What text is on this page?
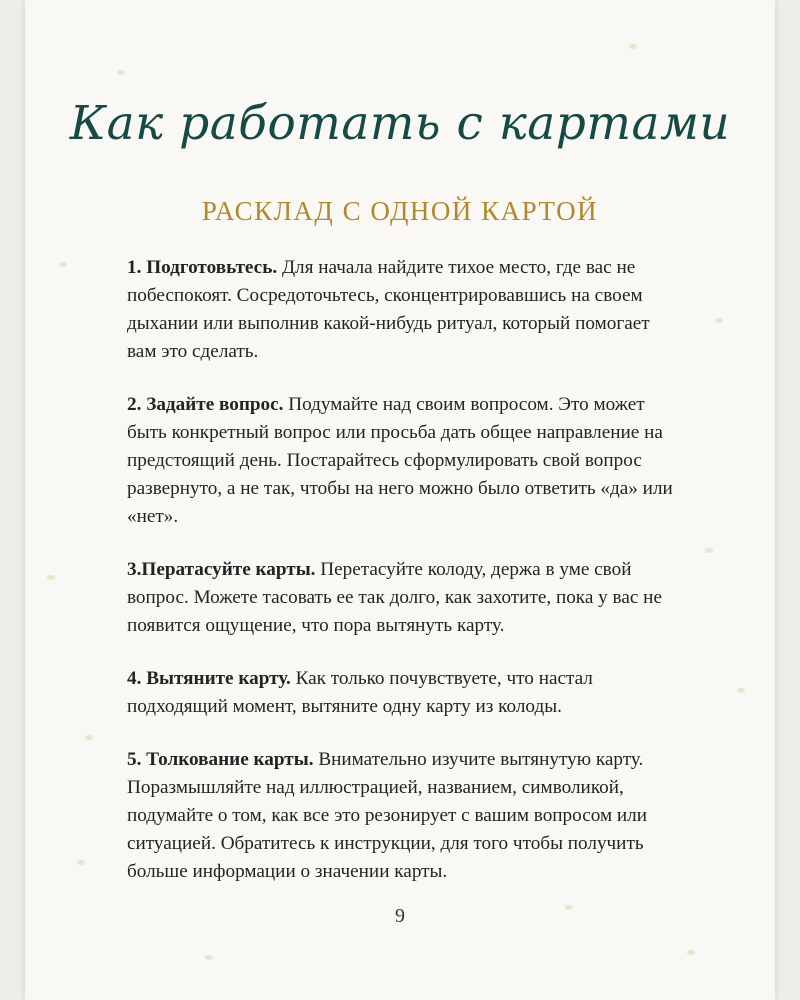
Как работать с картами
РАСКЛАД С ОДНОЙ КАРТОЙ

1. Подготовьтесь. Для начала найдите тихое место, где вас не побеспокоят. Сосредоточьтесь, сконцентрировавшись на своем дыхании или выполнив какой-нибудь ритуал, который помогает вам это сделать.

2. Задайте вопрос. Подумайте над своим вопросом. Это может быть конкретный вопрос или просьба дать общее направление на предстоящий день. Постарайтесь сформулировать свой вопрос развернуто, а не так, чтобы на него можно было ответить «да» или «нет».

3.Ператасуйте карты. Перетасуйте колоду, держа в уме свой вопрос. Можете тасовать ее так долго, как захотите, пока у вас не появится ощущение, что пора вытянуть карту.

4. Вытяните карту. Как только почувствуете, что настал подходящий момент, вытяните одну карту из колоды.

5. Толкование карты. Внимательно изучите вытянутую карту. Поразмышляйте над иллюстрацией, названием, символикой, подумайте о том, как все это резонирует с вашим вопросом или ситуацией. Обратитесь к инструкции, для того чтобы получить больше информации о значении карты.

9
